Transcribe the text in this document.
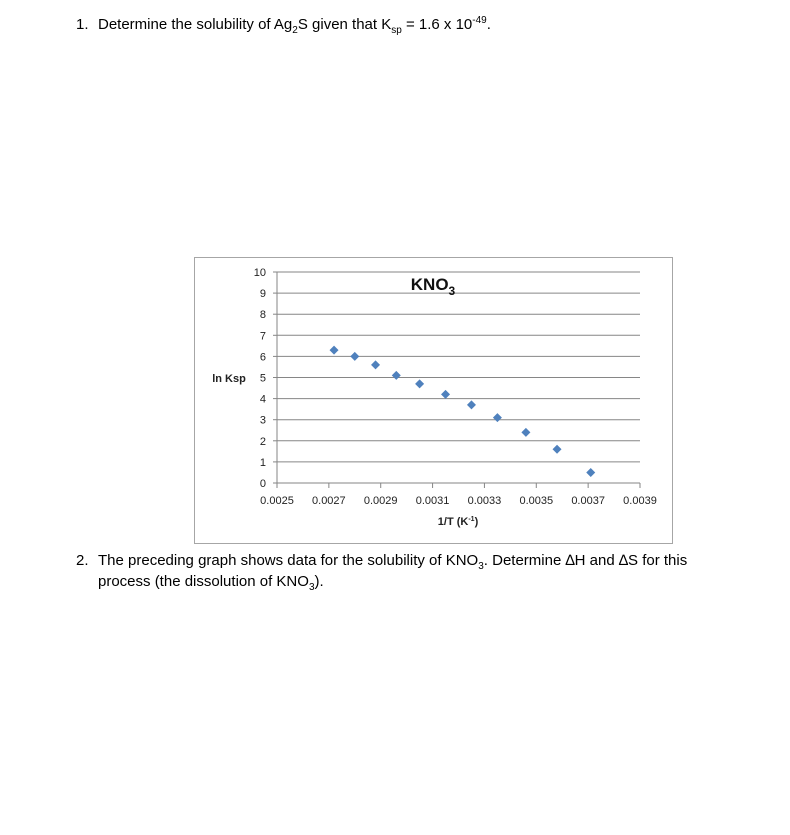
1. Determine the solubility of $Ag_2S$ given that $K_{sp} = 1.6$ x $10^{-49}$.
0
1
2
3
4
5
6
7
8
9
10
0.0025 0.0027 0.0029 0.0031 0.0033 0.0035 0.0037 0.0039
$KNO_3$
ln Ksp
1/T $(K^{-1})$
2. The preceding graph shows data for the solubility of $KNO_3$. Determine ∆H and ∆S for this
process (the dissolution of $KNO_3$).
